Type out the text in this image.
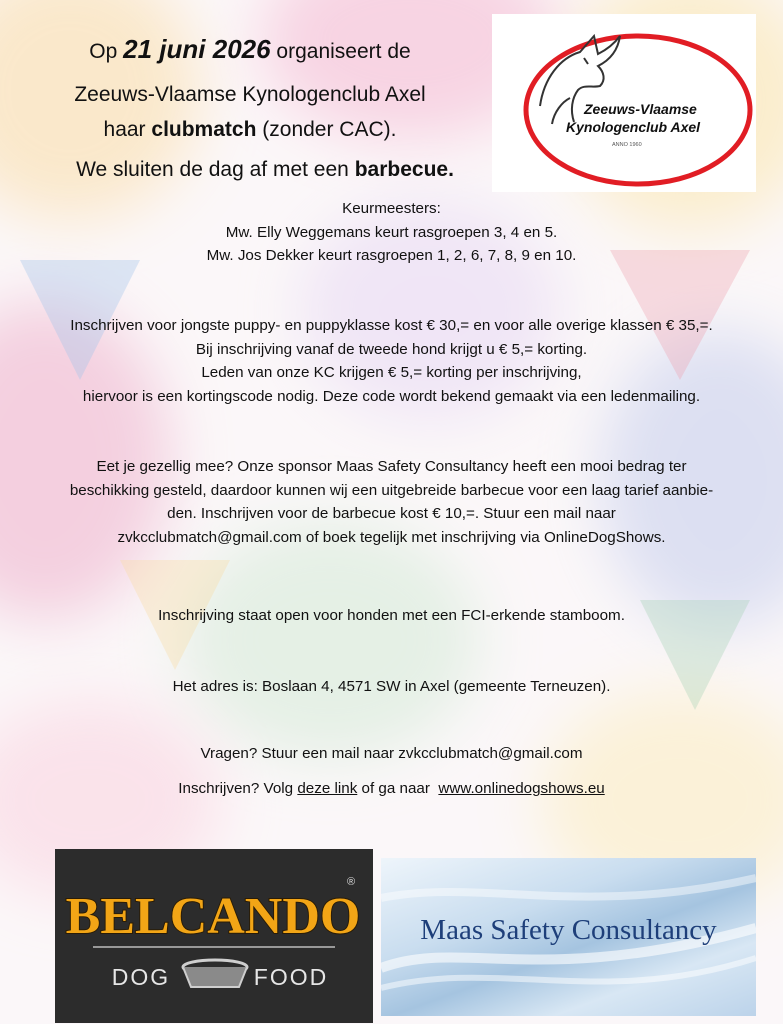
Op 21 juni 2026 organiseert de
Zeeuws-Vlaamse Kynologenclub Axel
haar clubmatch (zonder CAC).
We sluiten de dag af met een barbecue.
Zeeuws-Vlaamse
Kynologenclub Axel
ANNO 1960

Keurmeesters:

Mw. Elly Weggemans keurt rasgroepen 3, 4 en 5.

Mw. Jos Dekker keurt rasgroepen 1, 2, 6, 7, 8, 9 en 10.

Inschrijven voor jongste puppy- en puppyklasse kost € 30,= en voor alle overige klassen € 35,=.

Bij inschrijving vanaf de tweede hond krijgt u € 5,= korting.

Leden van onze KC krijgen € 5,= korting per inschrijving,

hiervoor is een kortingscode nodig. Deze code wordt bekend gemaakt via een ledenmailing.

Eet je gezellig mee? Onze sponsor Maas Safety Consultancy heeft een mooi bedrag ter

beschikking gesteld, daardoor kunnen wij een uitgebreide barbecue voor een laag tarief aanbie-

den. Inschrijven voor de barbecue kost € 10,=. Stuur een mail naar

zvkcclubmatch@gmail.com of boek tegelijk met inschrijving via OnlineDogShows.

Inschrijving staat open voor honden met een FCI-erkende stamboom.
Het adres is: Boslaan 4, 4571 SW in Axel (gemeente Terneuzen).
Vragen? Stuur een mail naar zvkcclubmatch@gmail.com
Inschrijven? Volg deze link of ga naar www.onlinedogshows.eu
BELCANDO
®
DOG	FOOD
Maas Safety Consultancy
